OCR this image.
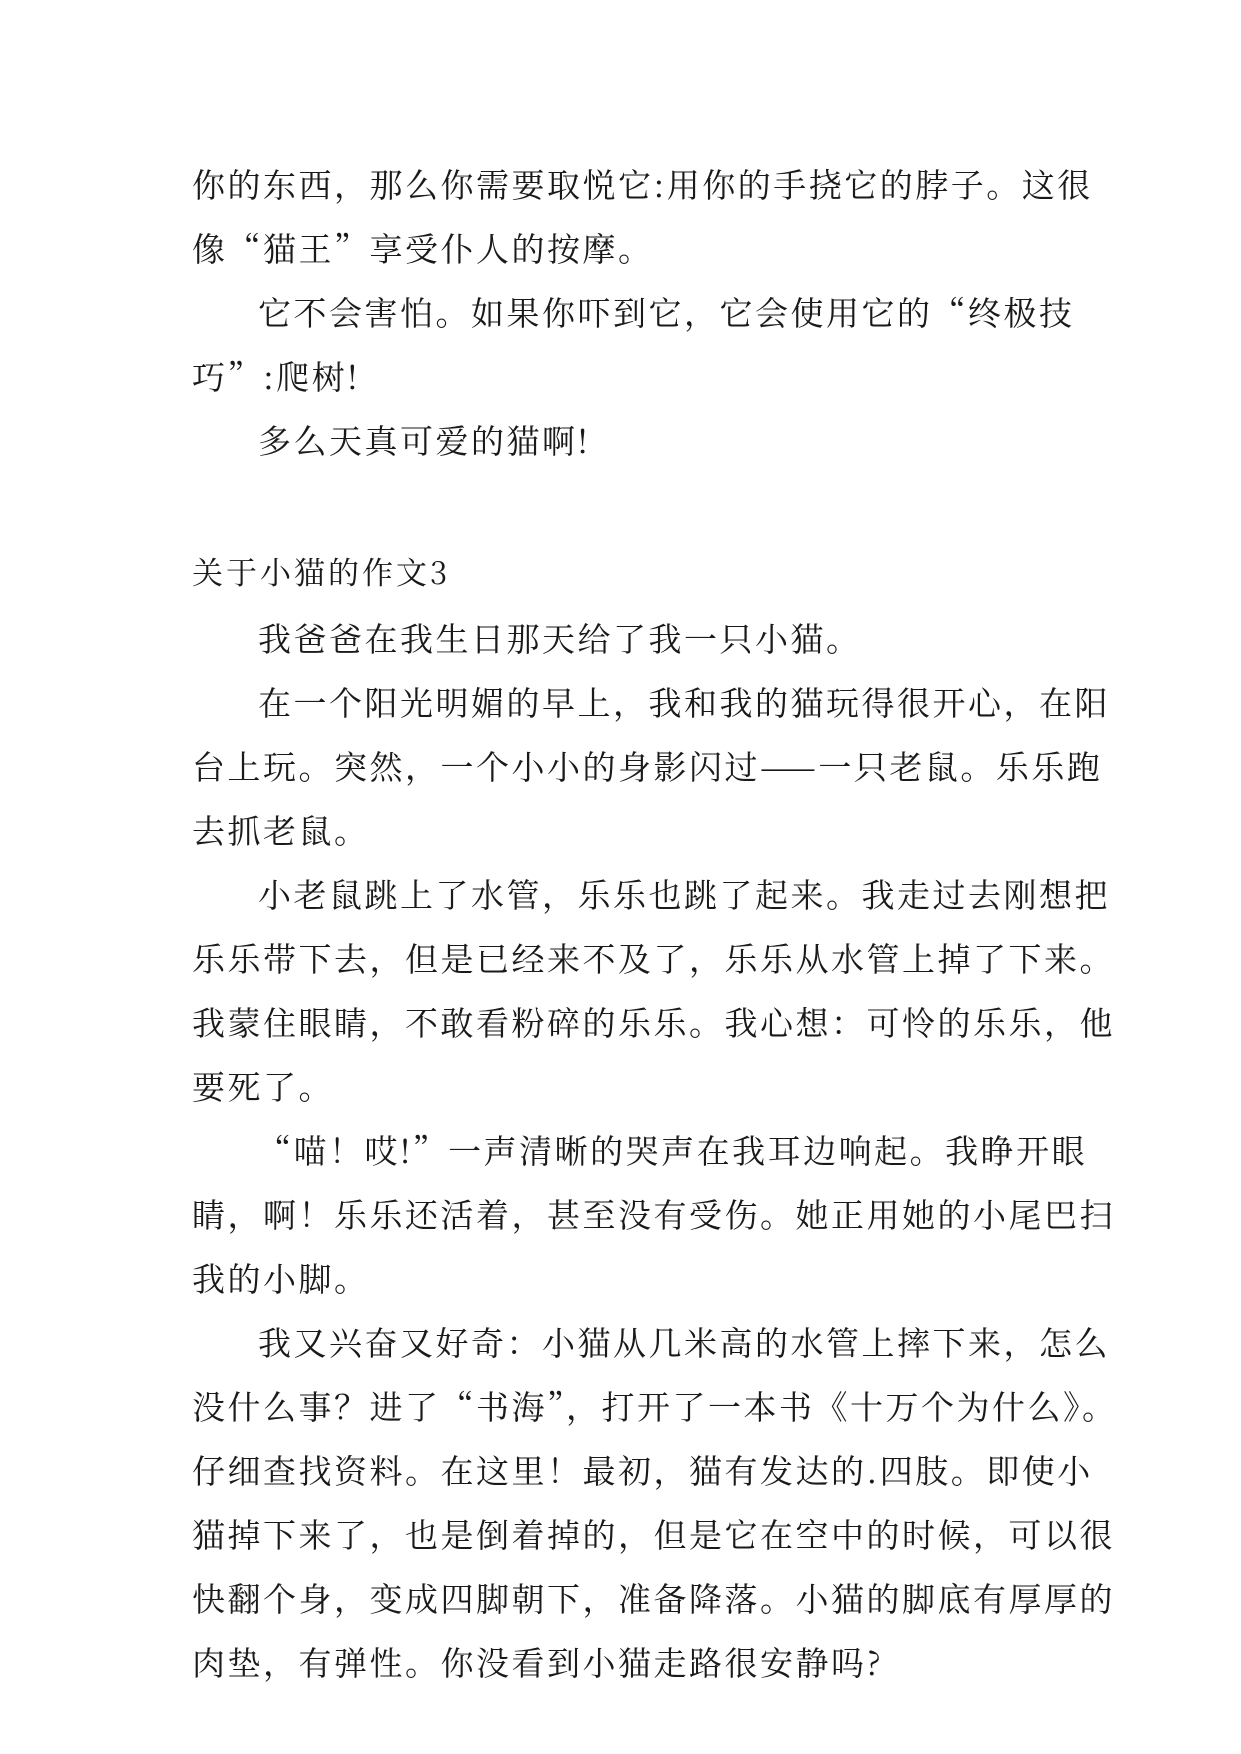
你的东西，那么你需要取悦它:用你的手挠它的脖子。这很
像“猫王”享受仆人的按摩。
它不会害怕。如果你吓到它，它会使用它的“终极技
巧”:爬树!
多么天真可爱的猫啊!
关于小猫的作文3
我爸爸在我生日那天给了我一只小猫。
在一个阳光明媚的早上，我和我的猫玩得很开心，在阳
台上玩。突然，一个小小的身影闪过——一只老鼠。乐乐跑
去抓老鼠。
小老鼠跳上了水管，乐乐也跳了起来。我走过去刚想把
乐乐带下去，但是已经来不及了，乐乐从水管上掉了下来。
我蒙住眼睛，不敢看粉碎的乐乐。我心想：可怜的乐乐，他
要死了。
“喵！哎!”一声清晰的哭声在我耳边响起。我睁开眼
睛，啊！乐乐还活着，甚至没有受伤。她正用她的小尾巴扫
我的小脚。
我又兴奋又好奇：小猫从几米高的水管上摔下来，怎么
没什么事？进了“书海”，打开了一本书《十万个为什么》。
仔细查找资料。在这里！最初，猫有发达的.四肢。即使小
猫掉下来了，也是倒着掉的，但是它在空中的时候，可以很
快翻个身，变成四脚朝下，准备降落。小猫的脚底有厚厚的
肉垫，有弹性。你没看到小猫走路很安静吗?
